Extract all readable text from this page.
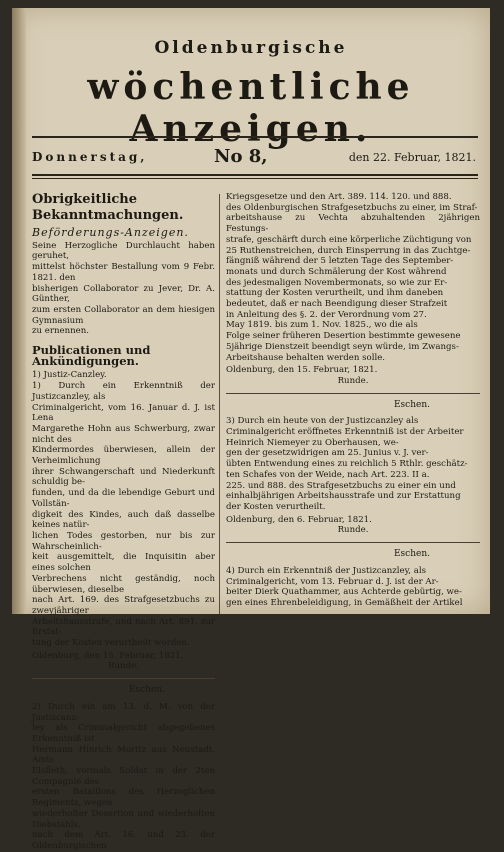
Oldenburgische
wöchentliche Anzeigen.
Donnerstag,	No 8,	den 22. Februar, 1821.
Obrigkeitliche Bekanntmachungen.
Beförderungs-Anzeigen.

Seine Herzogliche Durchlaucht haben geruhet,
mittelst höchster Bestallung vom 9 Febr. 1821. den
bisherigen Collaborator zu Jever, Dr. A. Günther,
zum ersten Collaborator an dem hiesigen Gymnasium
zu ernennen.

Publicationen und Ankündigungen.

1) Justiz-Canzley.
1) Durch ein Erkenntniß der Justizcanzley, als
Criminalgericht, vom 16. Januar d. J. ist Lena
Margarethe Hohn aus Schwerburg, zwar nicht des
Kindermordes überwiesen, allein der Verheimlichung
ihrer Schwangerschaft und Niederkunft schuldig be-
funden, und da die lebendige Geburt und Vollstän-
digkeit des Kindes, auch daß dasselbe keines natür-
lichen Todes gestorben, nur bis zur Wahrscheinlich-
keit ausgemittelt, die Inquisitin aber eines solchen
Verbrechens nicht geständig, noch überwiesen, dieselbe
nach Art. 169. des Strafgesetzbuchs zu zweyjähriger
Arbeitshausstrafe, und nach Art. 891. zur Erstat-
tung der Kosten verurtheilt worden.

Oldenburg, den 15. Februar, 1821.

Runde.

Eschen.

2) Durch ein am 13. d. M. von der Justizcanz-
ley als Criminalgericht abgegebenes Erkenntniß ist
Hermann Hinrich Moritz aus Neustadt, Amts
Elsfleth, vormals Soldat in der 2ten Compagnie des
ersten Bataillons des Herzoglichen Regiments, wegen
wiederholter Desertion und wiederholten Diebstahls,
nach dem Art. 16. und 23. der Oldenburgischen

Kriegsgesetze und den Art. 389. 114. 120. und 888.
des Oldenburgischen Strafgesetzbuchs zu einer, im Straf-
arbeitshause zu Vechta abzuhaltenden 2jährigen Festungs-
strafe, geschärft durch eine körperliche Züchtigung von
25 Ruthenstreichen, durch Einsperrung in das Zuchtge-
fängniß während der 5 letzten Tage des September-
monats und durch Schmälerung der Kost während
des jedesmaligen Novembermonats, so wie zur Er-
stattung der Kosten verurtheilt, und ihm daneben
bedeutet, daß er nach Beendigung dieser Strafzeit
in Anleitung des §. 2. der Verordnung vom 27.
May 1819. bis zum 1. Nov. 1825., wo die als
Folge seiner früheren Desertion bestimmte gewesene
5jährige Dienstzeit beendigt seyn würde, im Zwangs-
Arbeitshause behalten werden solle.

Oldenburg, den 15. Februar, 1821.

Runde.

Eschen.

3) Durch ein heute von der Justizcanzley als
Criminalgericht eröffnetes Erkenntniß ist der Arbeiter
Heinrich Niemeyer zu Oberhausen, we-
gen der gesetzwidrigen am 25. Junius v. J. ver-
übten Entwendung eines zu reichlich 5 Rthlr. geschätz-
ten Schafes von der Weide, nach Art. 223. II a.
225. und 888. des Strafgesetzbuchs zu einer ein und
einhalbjährigen Arbeitshausstrafe und zur Erstattung
der Kosten verurtheilt.

Oldenburg, den 6. Februar, 1821.

Runde.

Eschen.

4) Durch ein Erkenntniß der Justizcanzley, als
Criminalgericht, vom 13. Februar d. J. ist der Ar-
beiter Dierk Quathammer, aus Achterde gebürtig, we-
gen eines Ehrenbeleidigung, in Gemäßheit der Artikel
